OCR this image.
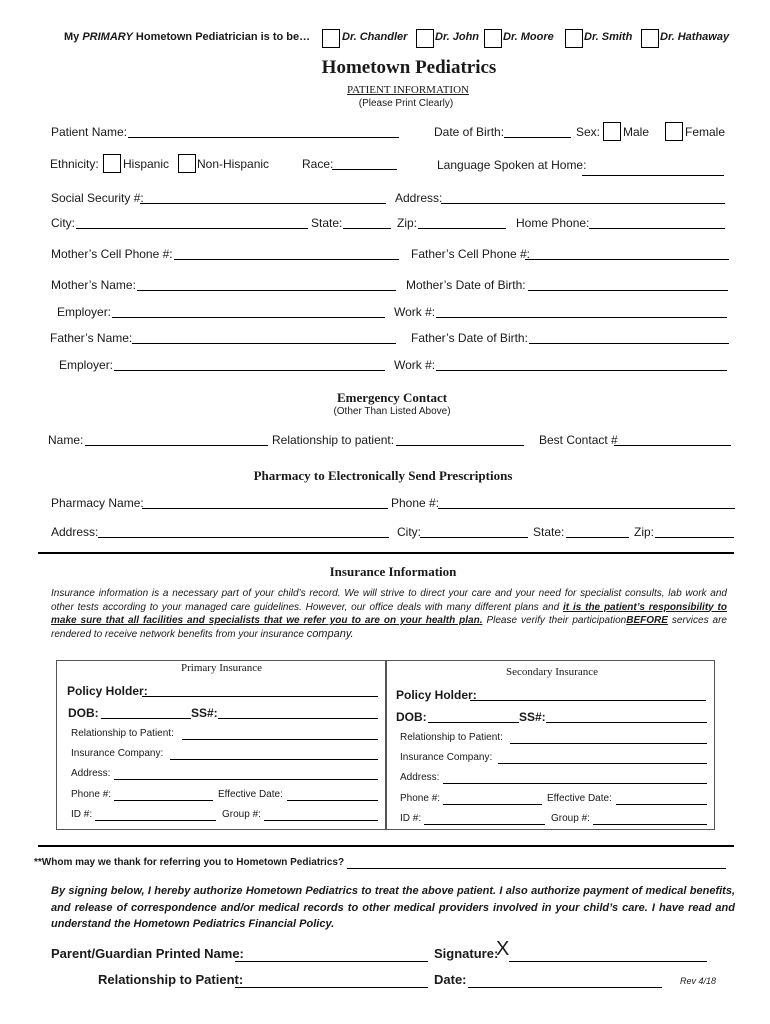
My PRIMARY Hometown Pediatrician is to be…	Dr. Chandler	Dr. John Dr. Moore	Dr. Smith	Dr. Hathaway
Hometown Pediatrics
PATIENT INFORMATION
(Please Print Clearly)
Patient Name:	Date of Birth:	Sex: Male	Female
Ethnicity: Hispanic Non-Hispanic	Race:	Language Spoken at Home:
Social Security #:	Address:
City:	State:	Zip:	Home Phone:
Mother’s Cell Phone #:	Father’s Cell Phone #:
Mother’s Name:	Mother’s Date of Birth:
Employer:	Work #:
Father’s Name:	Father’s Date of Birth:
Employer:	Work #:
Emergency Contact
(Other Than Listed Above)
Name:	Relationship to patient:	Best Contact #
Pharmacy to Electronically Send Prescriptions
Pharmacy Name:	Phone #:
Address:	City:	State:	Zip:
Insurance Information
Insurance information is a necessary part of your child’s record. We will strive to direct your care and your need for specialist consults, lab work and other tests according to your managed care guidelines. However, our office deals with many different plans and it is the patient’s responsibility to make sure that all facilities and specialists that we refer you to are on your health plan. Please verify their participationBEFORE services are rendered to receive network benefits from your insurance company.
Primary Insurance
Policy Holder:
DOB:	SS#:
Relationship to Patient:
Insurance Company:
Address:
Phone #:	Effective Date:
ID #:	Group #:
Secondary Insurance
Policy Holder:
DOB:	SS#:
Relationship to Patient:
Insurance Company:
Address:
Phone #:	Effective Date:
ID #:	Group #:
**Whom may we thank for referring you to Hometown Pediatrics?
By signing below, I hereby authorize Hometown Pediatrics to treat the above patient. I also authorize payment of medical benefits, and release of correspondence and/or medical records to other medical providers involved in your child’s care. I have read and understand the Hometown Pediatrics Financial Policy.
Parent/Guardian Printed Name:	Signature:
X
Relationship to Patient:	Date:	Rev 4/18
